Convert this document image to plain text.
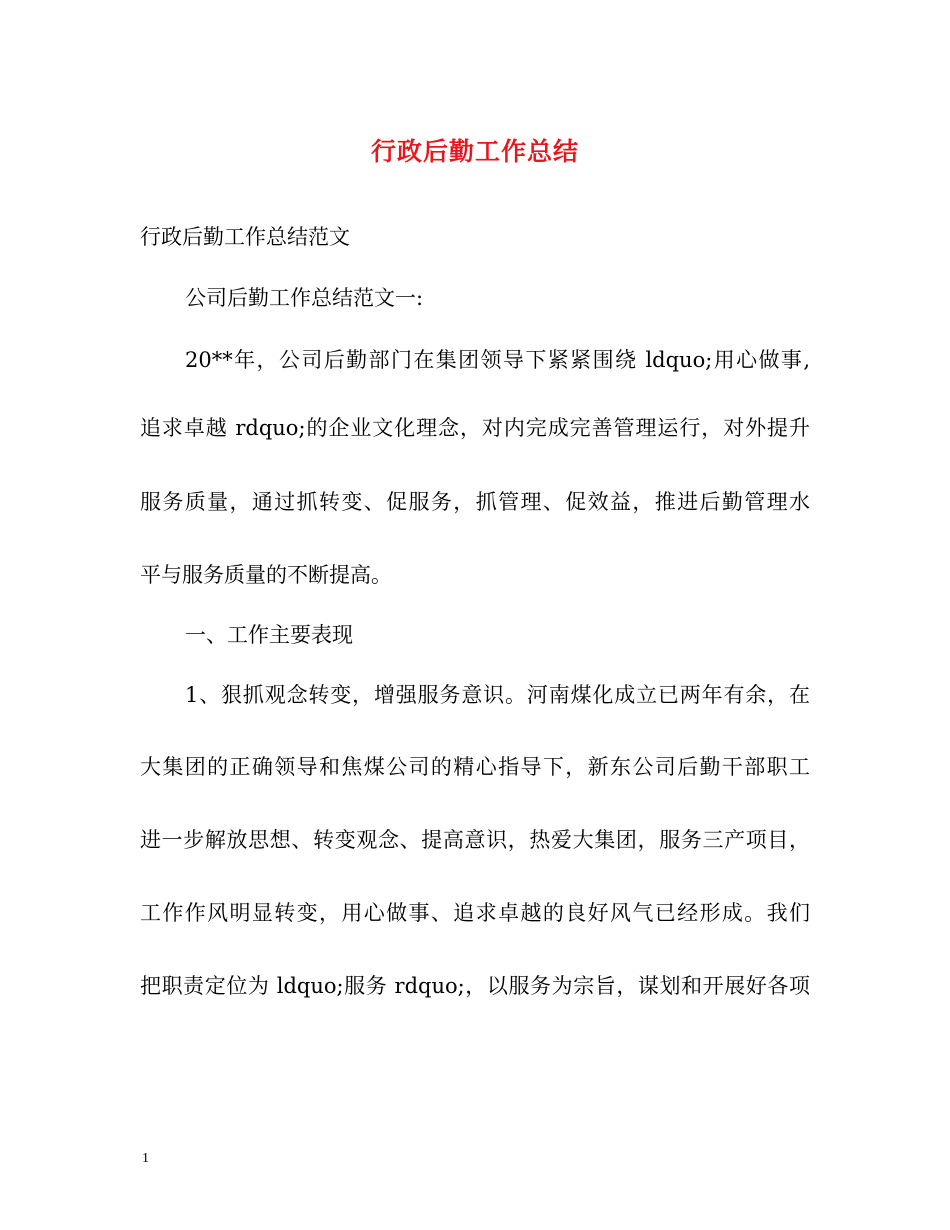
行政后勤工作总结
行政后勤工作总结范文
公司后勤工作总结范文一:
20**年，公司后勤部门在集团领导下紧紧围绕 ldquo;用心做事,
追求卓越 rdquo;的企业文化理念，对内完成完善管理运行，对外提升
服务质量，通过抓转变、促服务，抓管理、促效益，推进后勤管理水
平与服务质量的不断提高。
一、工作主要表现
1、狠抓观念转变，增强服务意识。河南煤化成立已两年有余，在
大集团的正确领导和焦煤公司的精心指导下，新东公司后勤干部职工
进一步解放思想、转变观念、提高意识，热爱大集团，服务三产项目，
工作作风明显转变，用心做事、追求卓越的良好风气已经形成。我们
把职责定位为 ldquo;服务 rdquo;，以服务为宗旨，谋划和开展好各项
1
